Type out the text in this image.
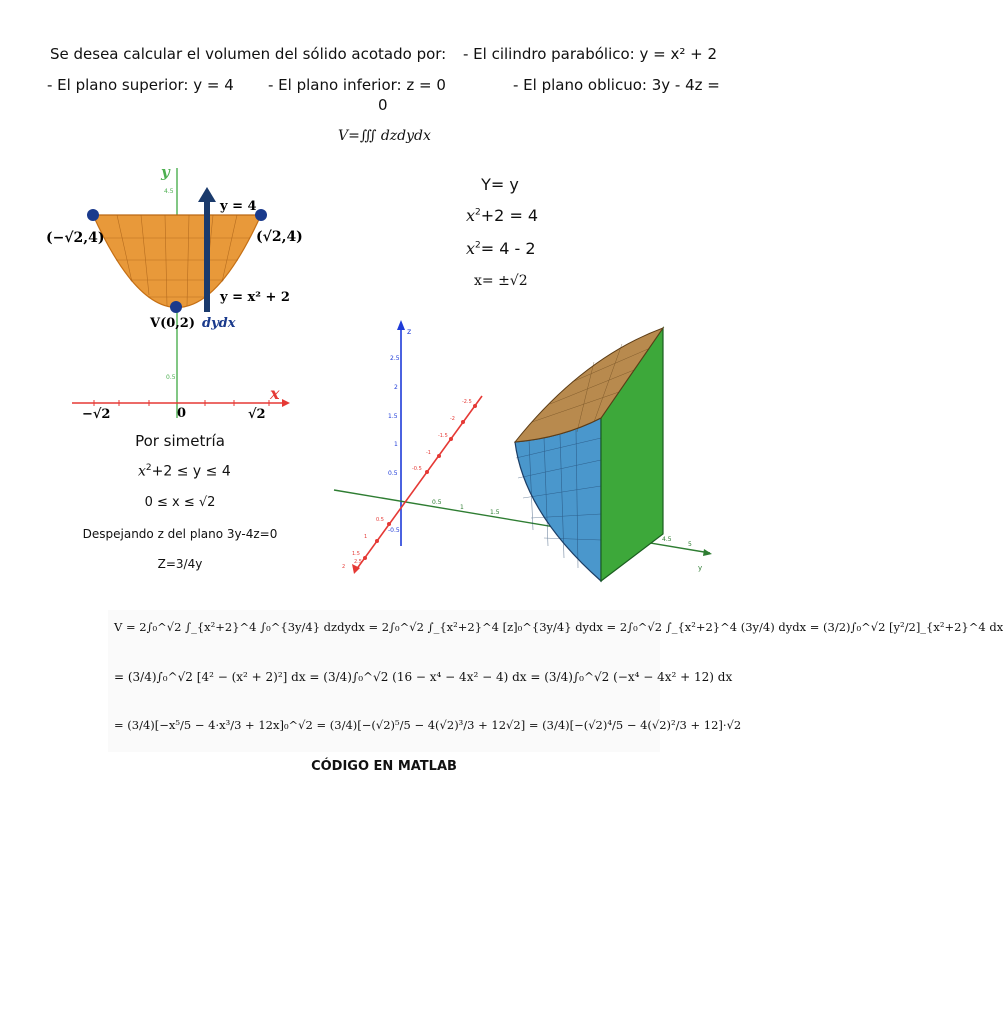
Se desea calcular el volumen del sólido acotado por: - El cilindro parabólico: y = x² + 2
- El plano superior: y = 4 - El plano inferior: z = 0	- El plano oblicuo: 3y - 4z =
0
V=∭ dzdydx
y
x
4.5
0.5
(−√2,4)	(√2,4)
V(0,2)
y = 4
y = x² + 2
dydx
−√2	0	√2
Y= y
$x^2+2 = 4$
$x^2= 4 - 2$
x= ±√2
Por simetría
$x^2+2 \le y \le 4$
0 ≤ x ≤ √2
Despejando z del plano 3y-4z=0
Z=3/4y
z
2.5
2
1.5
1
0.5
-0.5
y
0.5
1
1.5
4.5
5
-2.5
-2
-1.5
-1
-0.5
0.5
1
1.5
2
2.5
V = 2∫₀^√2 ∫_{x²+2}^4 ∫₀^{3y/4} dzdydx = 2∫₀^√2 ∫_{x²+2}^4 [z]₀^{3y/4} dydx = 2∫₀^√2 ∫_{x²+2}^4 (3y/4) dydx = (3/2)∫₀^√2 [y²/2]_{x²+2}^4 dx
= (3/4)∫₀^√2 [4² − (x² + 2)²] dx = (3/4)∫₀^√2 (16 − x⁴ − 4x² − 4) dx = (3/4)∫₀^√2 (−x⁴ − 4x² + 12) dx
= (3/4)[−x⁵/5 − 4·x³/3 + 12x]₀^√2 = (3/4)[−(√2)⁵/5 − 4(√2)³/3 + 12√2] = (3/4)[−(√2)⁴/5 − 4(√2)²/3 + 12]·√2
CÓDIGO EN MATLAB
